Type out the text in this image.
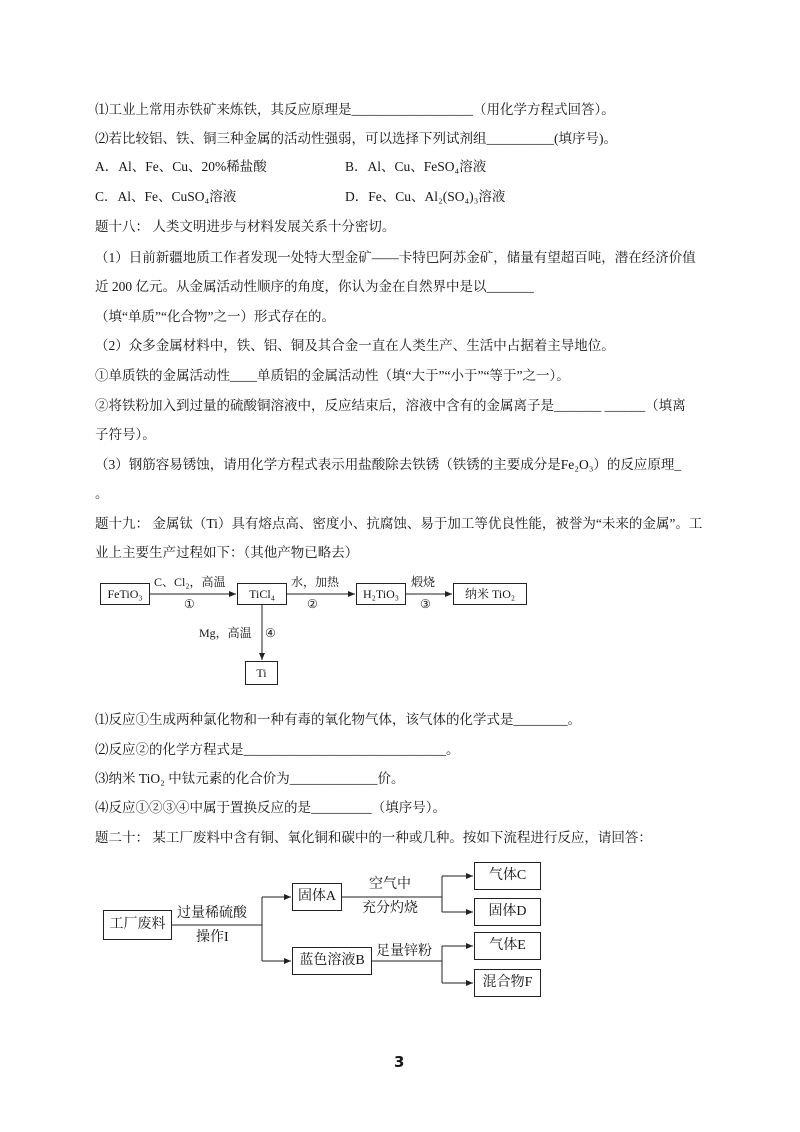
⑴工业上常用赤铁矿来炼铁，其反应原理是__________________（用化学方程式回答）。
⑵若比较铝、铁、铜三种金属的活动性强弱，可以选择下列试剂组__________(填序号)。
A．Al、Fe、Cu、20%稀盐酸	B．Al、Cu、FeSO₄溶液
C．Al、Fe、CuSO₄溶液	D．Fe、Cu、Al₂(SO₄)₃溶液
题十八： 人类文明进步与材料发展关系十分密切。
（1）日前新疆地质工作者发现一处特大型金矿——卡特巴阿苏金矿，储量有望超百吨，潜在经济价值
近 200 亿元。从金属活动性顺序的角度，你认为金在自然界中是以_______
（填“单质”“化合物”之一）形式存在的。
（2）众多金属材料中，铁、铝、铜及其合金一直在人类生产、生活中占据着主导地位。
①单质铁的金属活动性____单质铝的金属活动性（填“大于”“小于”“等于”之一）。
②将铁粉加入到过量的硫酸铜溶液中，反应结束后，溶液中含有的金属离子是_______ ______（填离
子符号）。
（3）钢筋容易锈蚀，请用化学方程式表示用盐酸除去铁锈（铁锈的主要成分是Fe₂O₃）的反应原理_
。
题十九： 金属钛（Ti）具有熔点高、密度小、抗腐蚀、易于加工等优良性能，被誉为“未来的金属”。工
业上主要生产过程如下：（其他产物已略去）
FeTiO₃	TiCl₄	H₂TiO₃	纳米 TiO₂
Ti
C、Cl₂，高温
①
水，加热
②
煅烧
③
Mg，高温 ④
⑴反应①生成两种氯化物和一种有毒的氧化物气体，该气体的化学式是________。
⑵反应②的化学方程式是______________________________。
⑶纳米 TiO₂ 中钛元素的化合价为_____________价。
⑷反应①②③④中属于置换反应的是_________（填序号）。
题二十： 某工厂废料中含有铜、氧化铜和碳中的一种或几种。按如下流程进行反应，请回答：
工厂废料
固体A
蓝色溶液B
气体C
固体D
气体E
混合物F
过量稀硫酸
操作I
空气中
充分灼烧
足量锌粉
3
